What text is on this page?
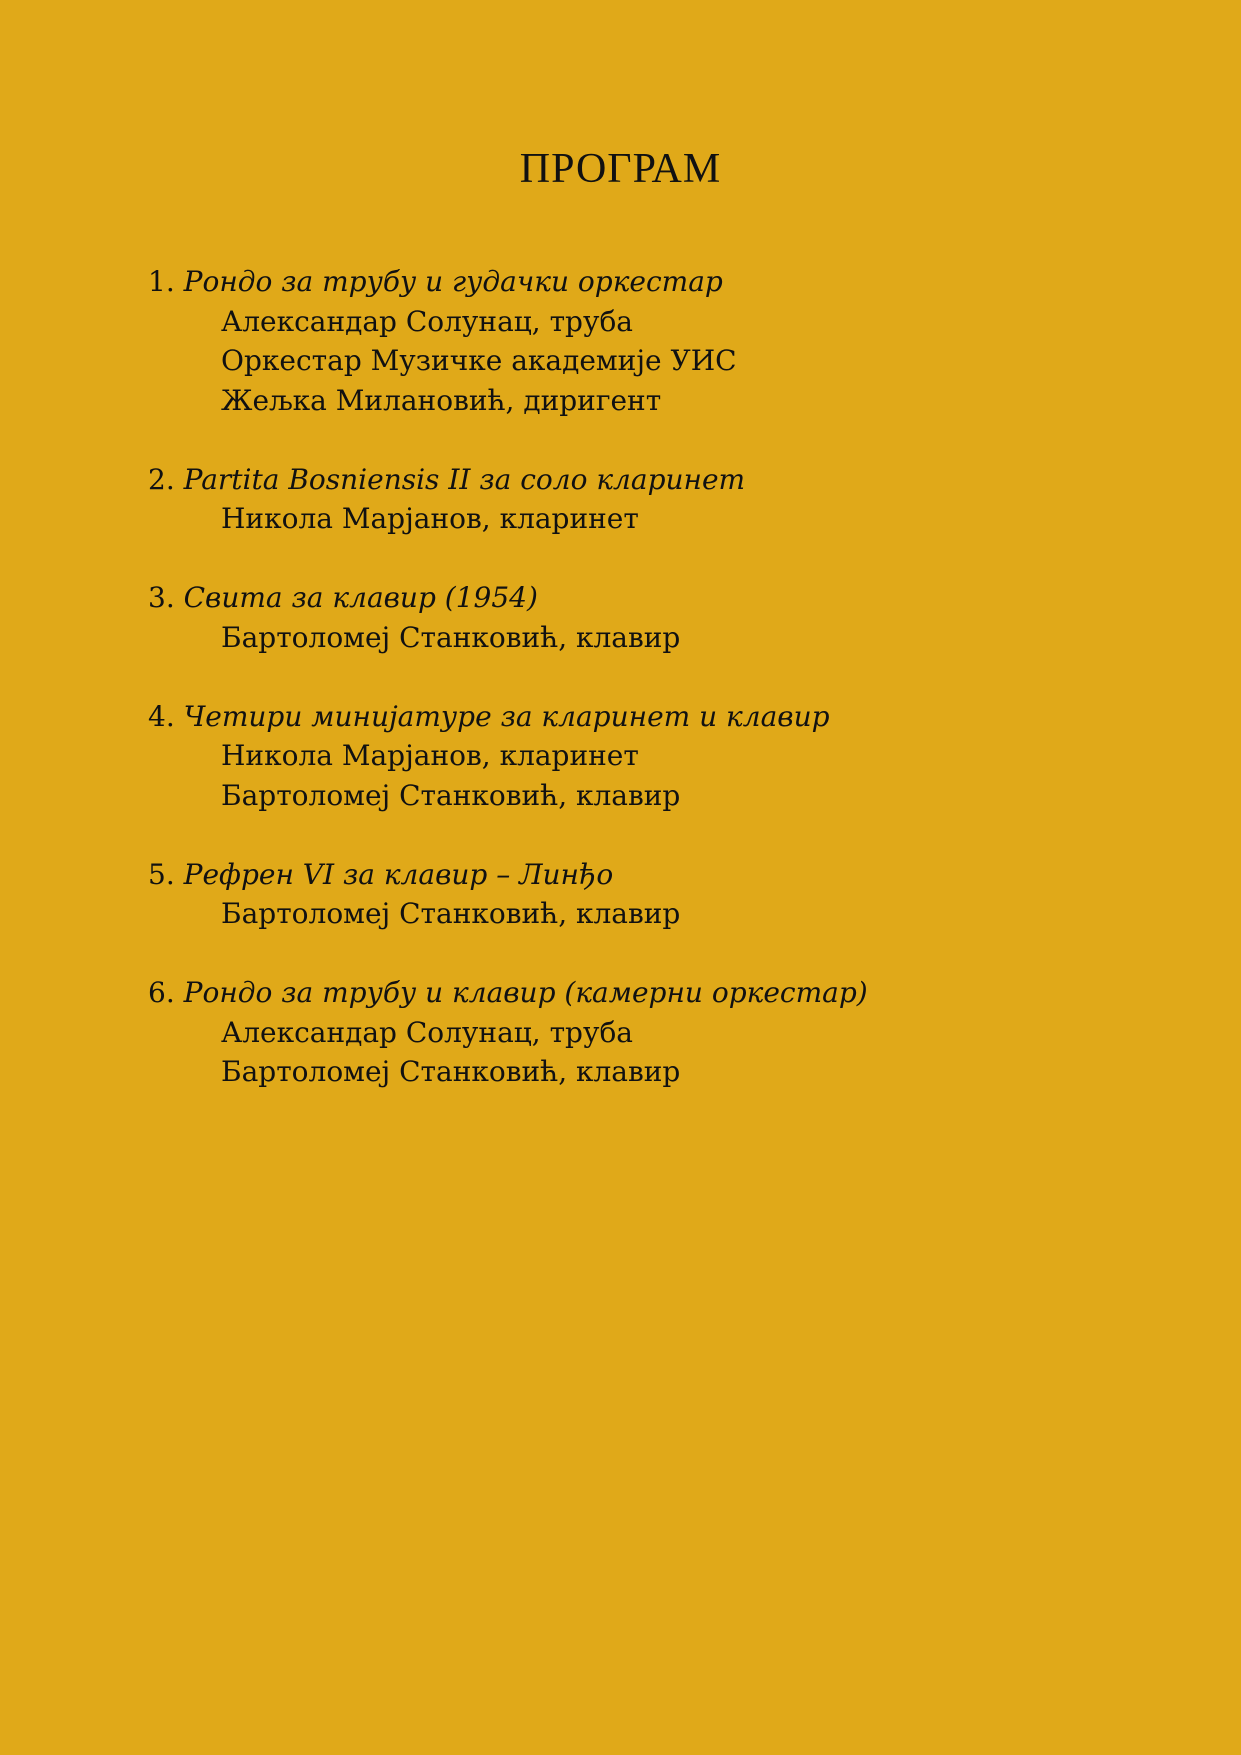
ПРОГРАМ
1. Рондо за трубу и гудачки оркестар
Александар Солунац, труба
Оркестар Музичке академије УИС
Жељка Милановић, диригент
2. Partita Bosniensis II за соло кларинет
Никола Марјанов, кларинет
3. Свита за клавир (1954)
Бартоломеј Станковић, клавир
4. Четири минијатуре за кларинет и клавир
Никола Марјанов, кларинет
Бартоломеј Станковић, клавир
5. Рефрен VI за клавир – Линђо
Бартоломеј Станковић, клавир
6. Рондо за трубу и клавир (камерни оркестар)
Александар Солунац, труба
Бартоломеј Станковић, клавир
